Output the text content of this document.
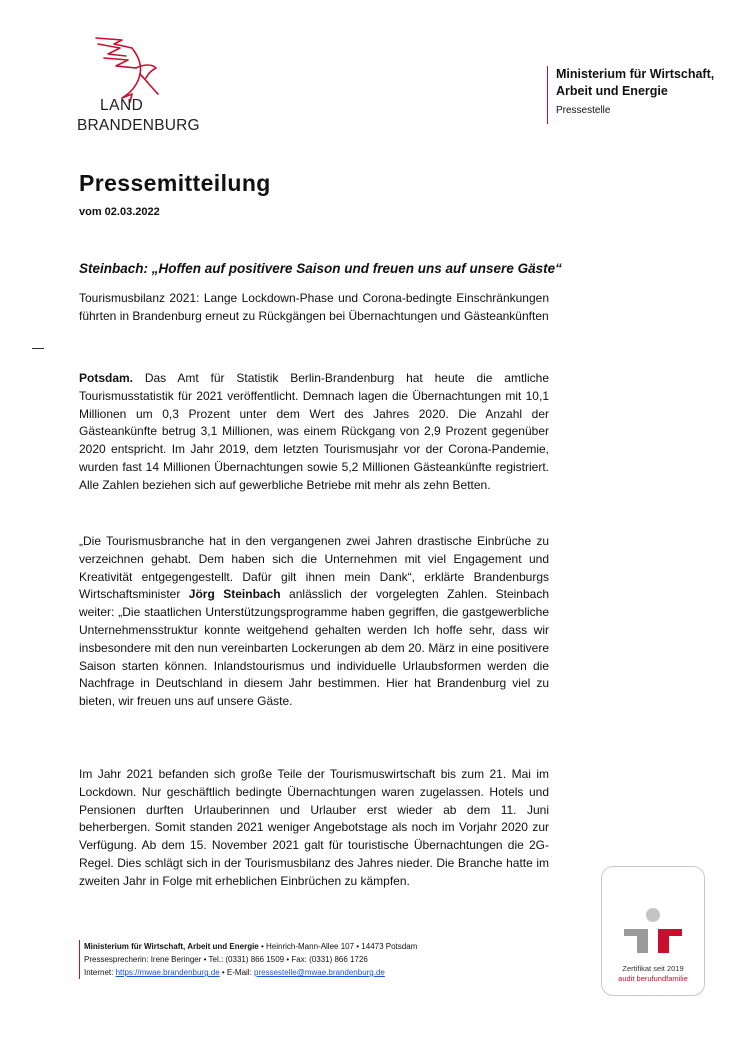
LAND
BRANDENBURG
Ministerium für Wirtschaft, Arbeit und Energie
Pressestelle
Pressemitteilung
vom 02.03.2022
Steinbach: „Hoffen auf positivere Saison und freuen uns auf unsere Gäste“

Tourismusbilanz 2021: Lange Lockdown-Phase und Corona-bedingte Einschränkungen führten in Brandenburg erneut zu Rückgängen bei Übernachtungen und Gästeankünften

Potsdam. Das Amt für Statistik Berlin-Brandenburg hat heute die amtliche Tourismusstatistik für 2021 veröffentlicht. Demnach lagen die Übernachtungen mit 10,1 Millionen um 0,3 Prozent unter dem Wert des Jahres 2020. Die Anzahl der Gästeankünfte betrug 3,1 Millionen, was einem Rückgang von 2,9 Prozent gegenüber 2020 entspricht. Im Jahr 2019, dem letzten Tourismusjahr vor der Corona-Pandemie, wurden fast 14 Millionen Übernachtungen sowie 5,2 Millionen Gästeankünfte registriert. Alle Zahlen beziehen sich auf gewerbliche Betriebe mit mehr als zehn Betten.

„Die Tourismusbranche hat in den vergangenen zwei Jahren drastische Einbrüche zu verzeichnen gehabt. Dem haben sich die Unternehmen mit viel Engagement und Kreativität entgegengestellt. Dafür gilt ihnen mein Dank“, erklärte Brandenburgs Wirtschaftsminister Jörg Steinbach anlässlich der vorgelegten Zahlen. Steinbach weiter: „Die staatlichen Unterstützungsprogramme haben gegriffen, die gastgewerbliche Unternehmensstruktur konnte weitgehend gehalten werden Ich hoffe sehr, dass wir insbesondere mit den nun vereinbarten Lockerungen ab dem 20. März in eine positivere Saison starten können. Inlandstourismus und individuelle Urlaubsformen werden die Nachfrage in Deutschland in diesem Jahr bestimmen. Hier hat Brandenburg viel zu bieten, wir freuen uns auf unsere Gäste.

Im Jahr 2021 befanden sich große Teile der Tourismuswirtschaft bis zum 21. Mai im Lockdown. Nur geschäftlich bedingte Übernachtungen waren zugelassen. Hotels und Pensionen durften Urlauberinnen und Urlauber erst wieder ab dem 11. Juni beherbergen. Somit standen 2021 weniger Angebotstage als noch im Vorjahr 2020 zur Verfügung. Ab dem 15. November 2021 galt für touristische Übernachtungen die 2G-Regel. Dies schlägt sich in der Tourismusbilanz des Jahres nieder. Die Branche hatte im zweiten Jahr in Folge mit erheblichen Einbrüchen zu kämpfen.

Ministerium für Wirtschaft, Arbeit und Energie • Heinrich-Mann-Allee 107 • 14473 Potsdam
Pressesprecherin: Irene Beringer • Tel.: (0331) 866 1509 • Fax: (0331) 866 1726
Internet: https://mwae.brandenburg.de • E-Mail: pressestelle@mwae.brandenburg.de	Zertifikat seit 2019
audit berufundfamilie
